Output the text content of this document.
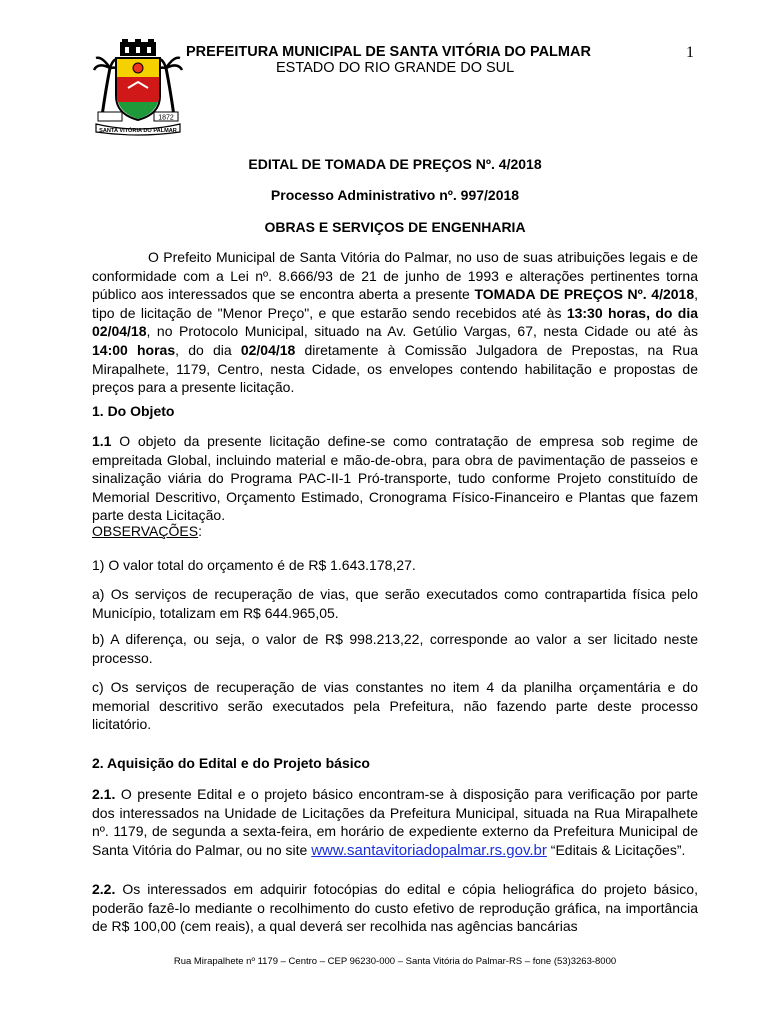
1872
SANTA VITÓRIA DO PALMAR
PREFEITURA MUNICIPAL DE SANTA VITÓRIA DO PALMAR
ESTADO DO RIO GRANDE DO SUL
1
EDITAL DE TOMADA DE PREÇOS Nº. 4/2018
Processo Administrativo nº. 997/2018
OBRAS E SERVIÇOS DE ENGENHARIA
O Prefeito Municipal de Santa Vitória do Palmar, no uso de suas atribuições legais e de conformidade com a Lei nº. 8.666/93 de 21 de junho de 1993 e alterações pertinentes torna público aos interessados que se encontra aberta a presente TOMADA DE PREÇOS Nº. 4/2018, tipo de licitação de "Menor Preço", e que estarão sendo recebidos até às 13:30 horas, do dia 02/04/18, no Protocolo Municipal, situado na Av. Getúlio Vargas, 67, nesta Cidade ou até às 14:00 horas, do dia 02/04/18 diretamente à Comissão Julgadora de Prepostas, na Rua Mirapalhete, 1179, Centro, nesta Cidade, os envelopes contendo habilitação e propostas de preços para a presente licitação.
1. Do Objeto
1.1 O objeto da presente licitação define-se como contratação de empresa sob regime de empreitada Global, incluindo material e mão-de-obra, para obra de pavimentação de passeios e sinalização viária do Programa PAC-II-1 Pró-transporte, tudo conforme Projeto constituído de Memorial Descritivo, Orçamento Estimado, Cronograma Físico-Financeiro e Plantas que fazem parte desta Licitação.
OBSERVAÇÕES:
1) O valor total do orçamento é de R$ 1.643.178,27.
a) Os serviços de recuperação de vias, que serão executados como contrapartida física pelo Município, totalizam em R$ 644.965,05.
b) A diferença, ou seja, o valor de R$ 998.213,22, corresponde ao valor a ser licitado neste processo.
c) Os serviços de recuperação de vias constantes no item 4 da planilha orçamentária e do memorial descritivo serão executados pela Prefeitura, não fazendo parte deste processo licitatório.
2. Aquisição do Edital e do Projeto básico
2.1. O presente Edital e o projeto básico encontram-se à disposição para verificação por parte dos interessados na Unidade de Licitações da Prefeitura Municipal, situada na Rua Mirapalhete nº. 1179, de segunda a sexta-feira, em horário de expediente externo da Prefeitura Municipal de Santa Vitória do Palmar, ou no site www.santavitoriadopalmar.rs.gov.br “Editais & Licitações”.
2.2. Os interessados em adquirir fotocópias do edital e cópia heliográfica do projeto básico, poderão fazê-lo mediante o recolhimento do custo efetivo de reprodução gráfica, na importância de R$ 100,00 (cem reais), a qual deverá ser recolhida nas agências bancárias
Rua Mirapalhete nº 1179 – Centro – CEP 96230-000 – Santa Vitória do Palmar-RS – fone (53)3263-8000
